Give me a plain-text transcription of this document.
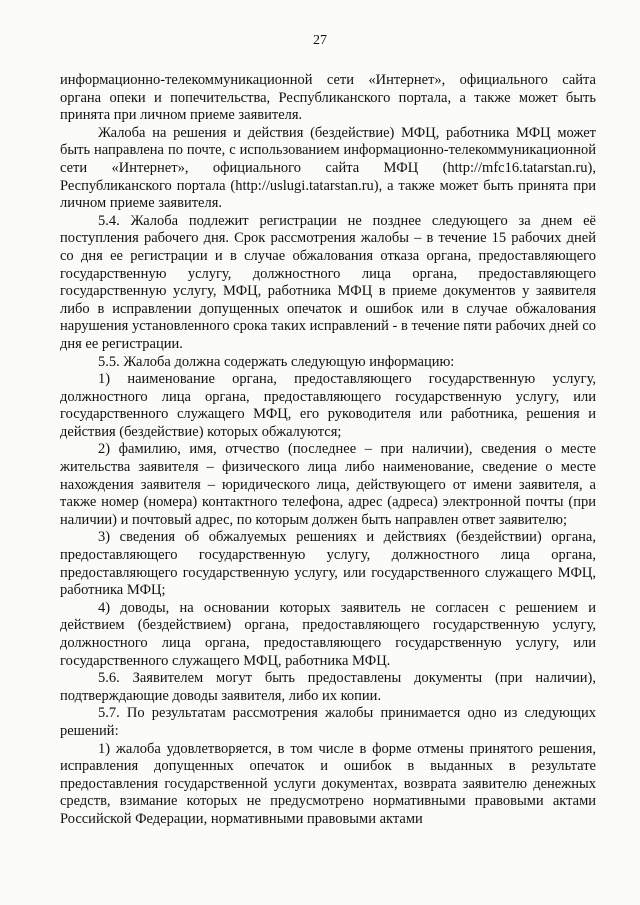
27

информационно-телекоммуникационной сети «Интернет», официального сайта органа опеки и попечительства, Республиканского портала, а также может быть принята при личном приеме заявителя.

Жалоба на решения и действия (бездействие) МФЦ, работника МФЦ может быть направлена по почте, с использованием информационно-телекоммуникационной сети «Интернет», официального сайта МФЦ (http://mfc16.tatarstan.ru), Республиканского портала (http://uslugi.tatarstan.ru), а также может быть принята при личном приеме заявителя.

5.4. Жалоба подлежит регистрации не позднее следующего за днем её поступления рабочего дня. Срок рассмотрения жалобы – в течение 15 рабочих дней со дня ее регистрации и в случае обжалования отказа органа, предоставляющего государственную услугу, должностного лица органа, предоставляющего государственную услугу, МФЦ, работника МФЦ в приеме документов у заявителя либо в исправлении допущенных опечаток и ошибок или в случае обжалования нарушения установленного срока таких исправлений - в течение пяти рабочих дней со дня ее регистрации.

5.5. Жалоба должна содержать следующую информацию:

1) наименование органа, предоставляющего государственную услугу, должностного лица органа, предоставляющего государственную услугу, или государственного служащего МФЦ, его руководителя или работника, решения и действия (бездействие) которых обжалуются;

2) фамилию, имя, отчество (последнее – при наличии), сведения о месте жительства заявителя – физического лица либо наименование, сведение о месте нахождения заявителя – юридического лица, действующего от имени заявителя, а также номер (номера) контактного телефона, адрес (адреса) электронной почты (при наличии) и почтовый адрес, по которым должен быть направлен ответ заявителю;

3) сведения об обжалуемых решениях и действиях (бездействии) органа, предоставляющего государственную услугу, должностного лица органа, предоставляющего государственную услугу, или государственного служащего МФЦ, работника МФЦ;

4) доводы, на основании которых заявитель не согласен с решением и действием (бездействием) органа, предоставляющего государственную услугу, должностного лица органа, предоставляющего государственную услугу, или государственного служащего МФЦ, работника МФЦ.

5.6. Заявителем могут быть предоставлены документы (при наличии), подтверждающие доводы заявителя, либо их копии.

5.7. По результатам рассмотрения жалобы принимается одно из следующих решений:

1) жалоба удовлетворяется, в том числе в форме отмены принятого решения, исправления допущенных опечаток и ошибок в выданных в результате предоставления государственной услуги документах, возврата заявителю денежных средств, взимание которых не предусмотрено нормативными правовыми актами Российской Федерации, нормативными правовыми актами
